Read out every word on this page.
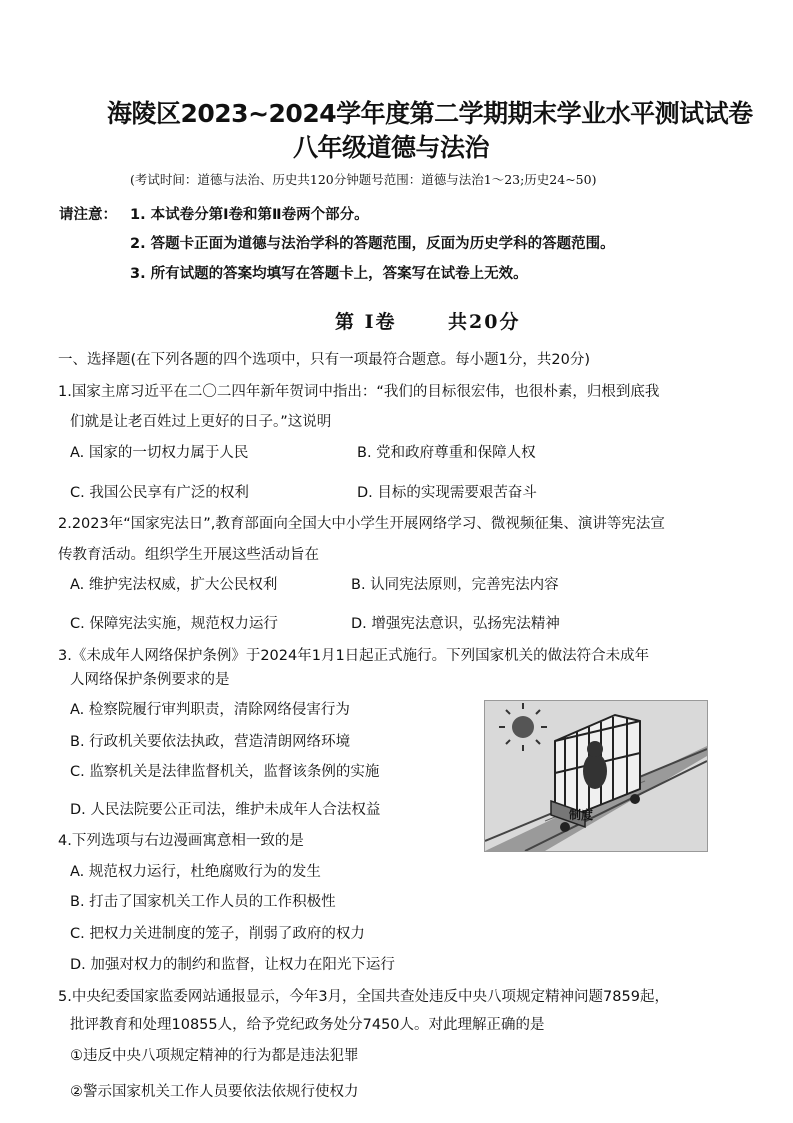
海陵区2023~2024学年度第二学期期末学业水平测试试卷
八年级道德与法治
(考试时间：道德与法治、历史共120分钟题号范围：道德与法治1～23;历史24~50)
请注意： 1. 本试卷分第Ⅰ卷和第Ⅱ卷两个部分。
2. 答题卡正面为道德与法治学科的答题范围，反面为历史学科的答题范围。
3. 所有试题的答案均填写在答题卡上，答案写在试卷上无效。
第 Ⅰ卷	共20分
一、选择题(在下列各题的四个选项中，只有一项最符合题意。每小题1分，共20分)
1.国家主席习近平在二〇二四年新年贺词中指出：“我们的目标很宏伟，也很朴素，归根到底我
们就是让老百姓过上更好的日子。”这说明
A. 国家的一切权力属于人民	B. 党和政府尊重和保障人权
C. 我国公民享有广泛的权利	D. 目标的实现需要艰苦奋斗
2.2023年“国家宪法日”,教育部面向全国大中小学生开展网络学习、微视频征集、演讲等宪法宣
传教育活动。组织学生开展这些活动旨在
A. 维护宪法权威，扩大公民权利	B. 认同宪法原则，完善宪法内容
C. 保障宪法实施，规范权力运行	D. 增强宪法意识，弘扬宪法精神
3.《未成年人网络保护条例》于2024年1月1日起正式施行。下列国家机关的做法符合未成年
人网络保护条例要求的是
A. 检察院履行审判职责，清除网络侵害行为
B. 行政机关要依法执政，营造清朗网络环境
C. 监察机关是法律监督机关，监督该条例的实施
D. 人民法院要公正司法，维护未成年人合法权益
4.下列选项与右边漫画寓意相一致的是
A. 规范权力运行，杜绝腐败行为的发生
B. 打击了国家机关工作人员的工作积极性
C. 把权力关进制度的笼子，削弱了政府的权力
D. 加强对权力的制约和监督，让权力在阳光下运行
5.中央纪委国家监委网站通报显示，今年3月，全国共查处违反中央八项规定精神问题7859起，
批评教育和处理10855人，给予党纪政务处分7450人。对此理解正确的是
①违反中央八项规定精神的行为都是违法犯罪
②警示国家机关工作人员要依法依规行使权力
制度
